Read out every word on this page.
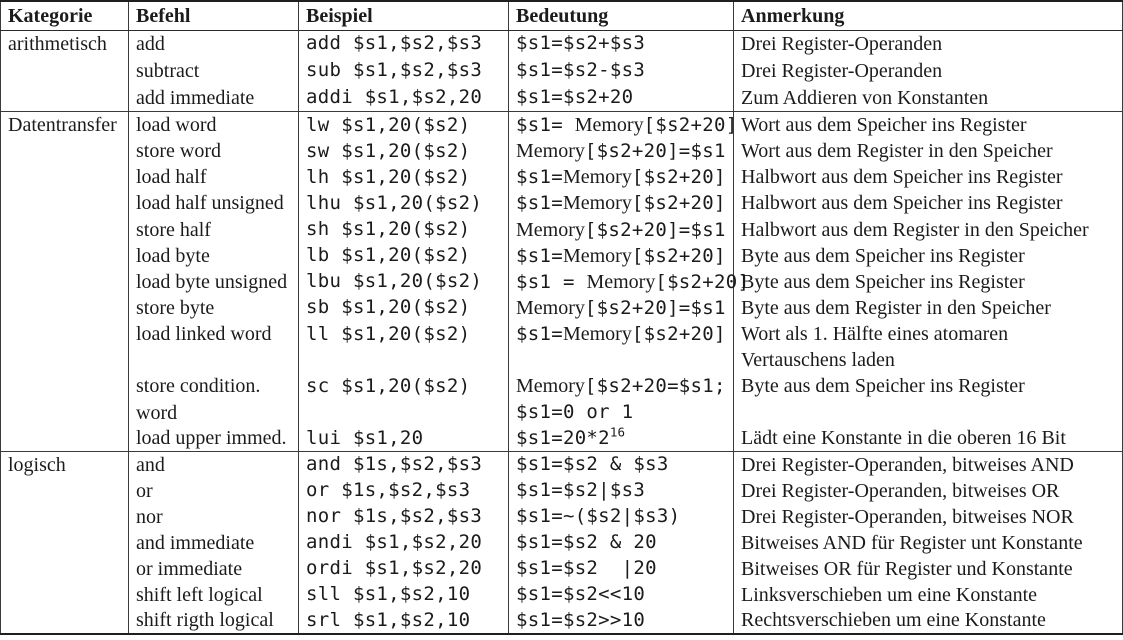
Kategorie	Befehl	Beispiel	Bedeutung	Anmerkung
arithmetisch	add	add $s1,$s2,$s3	$s1=$s2+$s3	Drei Register-Operanden
	subtract	sub $s1,$s2,$s3	$s1=$s2-$s3	Drei Register-Operanden
	add immediate	addi $s1,$s2,20	$s1=$s2+20	Zum Addieren von Konstanten
Datentransfer	load word	lw $s1,20($s2)	$s1= Memory[$s2+20]	Wort aus dem Speicher ins Register
	store word	sw $s1,20($s2)	Memory[$s2+20]=$s1	Wort aus dem Register in den Speicher
	load half	lh $s1,20($s2)	$s1=Memory[$s2+20]	Halbwort aus dem Speicher ins Register
	load half unsigned	lhu $s1,20($s2)	$s1=Memory[$s2+20]	Halbwort aus dem Speicher ins Register
	store half	sh $s1,20($s2)	Memory[$s2+20]=$s1	Halbwort aus dem Register in den Speicher
	load byte	lb $s1,20($s2)	$s1=Memory[$s2+20]	Byte aus dem Speicher ins Register
	load byte unsigned	lbu $s1,20($s2)	$s1 = Memory[$s2+20]	Byte aus dem Speicher ins Register
	store byte	sb $s1,20($s2)	Memory[$s2+20]=$s1	Byte aus dem Register in den Speicher
	load linked word	ll $s1,20($s2)	$s1=Memory[$s2+20]	Wort als 1. Hälfte eines atomaren
				Vertauschens laden
	store condition.	sc $s1,20($s2)	Memory[$s2+20=$s1;	Byte aus dem Speicher ins Register
	word		$s1=0 or 1	
	load upper immed.	lui $s1,20	$\$s1=20*2^{16}$	Lädt eine Konstante in die oberen 16 Bit
logisch	and	and $1s,$s2,$s3	$s1=$s2 & $s3	Drei Register-Operanden, bitweises AND
	or	or $1s,$s2,$s3	$s1=$s2|$s3	Drei Register-Operanden, bitweises OR
	nor	nor $1s,$s2,$s3	$s1=~($s2|$s3)	Drei Register-Operanden, bitweises NOR
	and immediate	andi $s1,$s2,20	$s1=$s2 & 20	Bitweises AND für Register unt Konstante
	or immediate	ordi $s1,$s2,20	$s1=$s2  |20	Bitweises OR für Register und Konstante
	shift left logical	sll $s1,$s2,10	$s1=$s2<<10	Linksverschieben um eine Konstante
	shift rigth logical	srl $s1,$s2,10	$s1=$s2>>10	Rechtsverschieben um eine Konstante
